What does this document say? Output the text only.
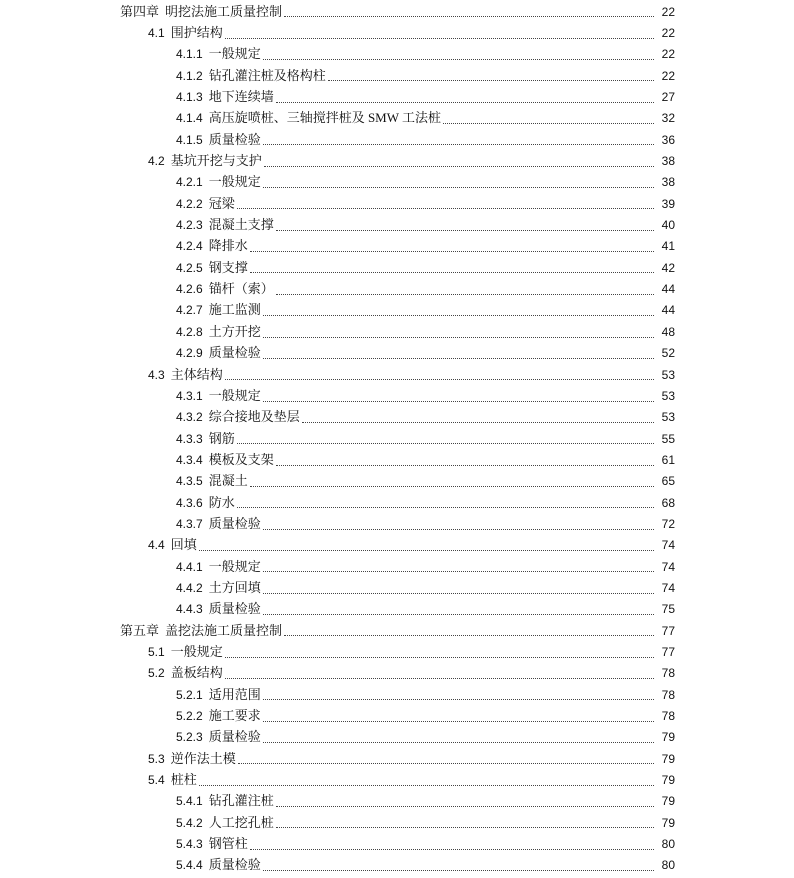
第四章 明挖法施工质量控制	22
4.1 围护结构	22
4.1.1 一般规定	22
4.1.2 钻孔灌注桩及格构柱	22
4.1.3 地下连续墙	27
4.1.4 高压旋喷桩、三轴搅拌桩及 SMW 工法桩	32
4.1.5 质量检验	36
4.2 基坑开挖与支护	38
4.2.1 一般规定	38
4.2.2 冠梁	39
4.2.3 混凝土支撑	40
4.2.4 降排水	41
4.2.5 钢支撑	42
4.2.6 锚杆（索）	44
4.2.7 施工监测	44
4.2.8 土方开挖	48
4.2.9 质量检验	52
4.3 主体结构	53
4.3.1 一般规定	53
4.3.2 综合接地及垫层	53
4.3.3 钢筋	55
4.3.4 模板及支架	61
4.3.5 混凝土	65
4.3.6 防水	68
4.3.7 质量检验	72
4.4 回填	74
4.4.1 一般规定	74
4.4.2 土方回填	74
4.4.3 质量检验	75
第五章 盖挖法施工质量控制	77
5.1 一般规定	77
5.2 盖板结构	78
5.2.1 适用范围	78
5.2.2 施工要求	78
5.2.3 质量检验	79
5.3 逆作法土模	79
5.4 桩柱	79
5.4.1 钻孔灌注桩	79
5.4.2 人工挖孔桩	79
5.4.3 钢管柱	80
5.4.4 质量检验	80
